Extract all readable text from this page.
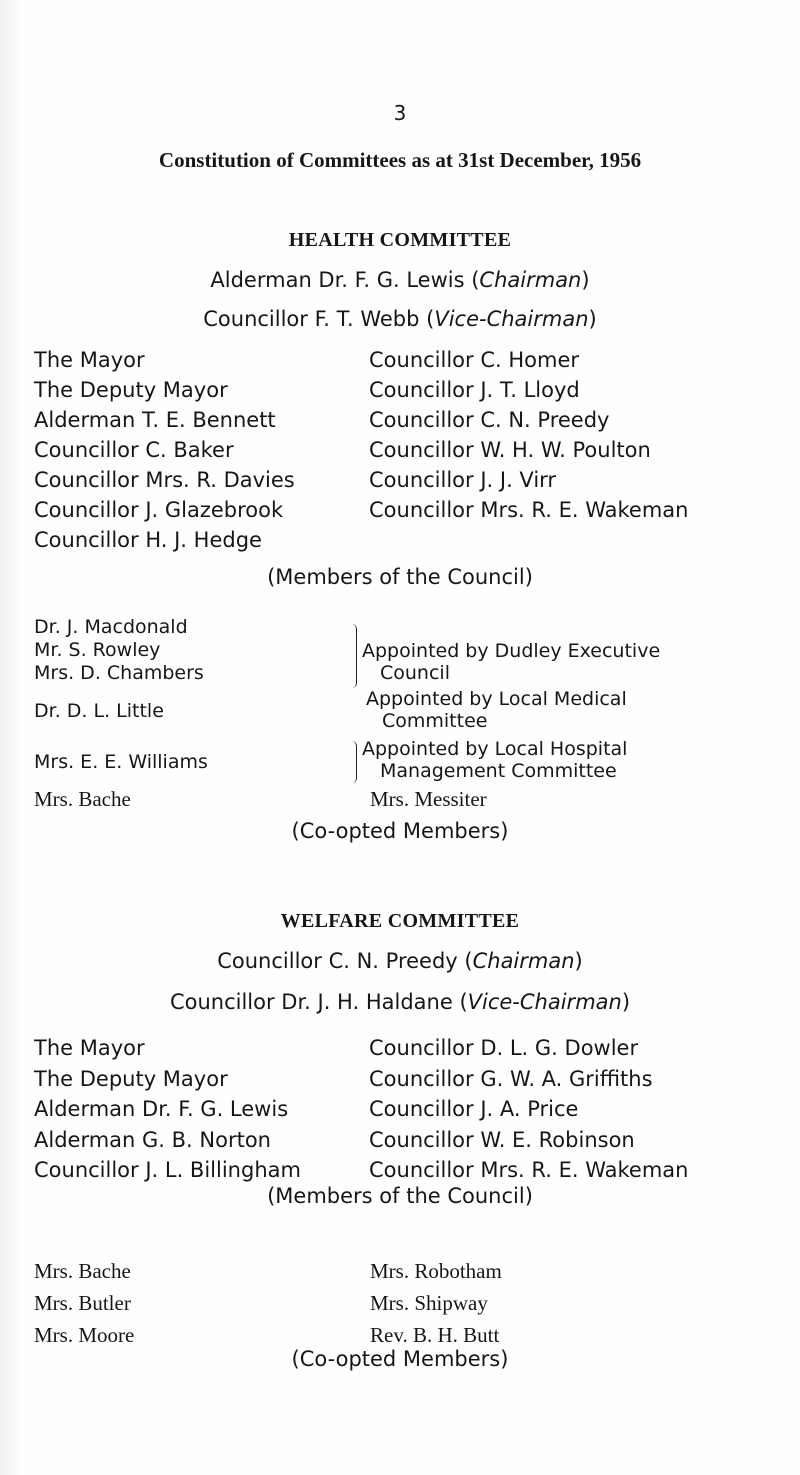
3
Constitution of Committees as at 31st December, 1956
HEALTH COMMITTEE
Alderman Dr. F. G. Lewis (Chairman)
Councillor F. T. Webb (Vice-Chairman)
The Mayor
The Deputy Mayor
Alderman T. E. Bennett
Councillor C. Baker
Councillor Mrs. R. Davies
Councillor J. Glazebrook
Councillor H. J. Hedge
Councillor C. Homer
Councillor J. T. Lloyd
Councillor C. N. Preedy
Councillor W. H. W. Poulton
Councillor J. J. Virr
Councillor Mrs. R. E. Wakeman
(Members of the Council)
Dr. J. Macdonald
Mr. S. Rowley
Mrs. D. Chambers
Appointed by Dudley Executive
Council
Dr. D. L. Little
Appointed by Local Medical
Committee
Mrs. E. E. Williams
Appointed by Local Hospital
Management Committee
Mrs. Bache	Mrs. Messiter
(Co-opted Members)
WELFARE COMMITTEE
Councillor C. N. Preedy (Chairman)
Councillor Dr. J. H. Haldane (Vice-Chairman)
The Mayor
The Deputy Mayor
Alderman Dr. F. G. Lewis
Alderman G. B. Norton
Councillor J. L. Billingham
Councillor D. L. G. Dowler
Councillor G. W. A. Griffiths
Councillor J. A. Price
Councillor W. E. Robinson
Councillor Mrs. R. E. Wakeman
(Members of the Council)
Mrs. Bache
Mrs. Butler
Mrs. Moore
Mrs. Robotham
Mrs. Shipway
Rev. B. H. Butt
(Co-opted Members)
